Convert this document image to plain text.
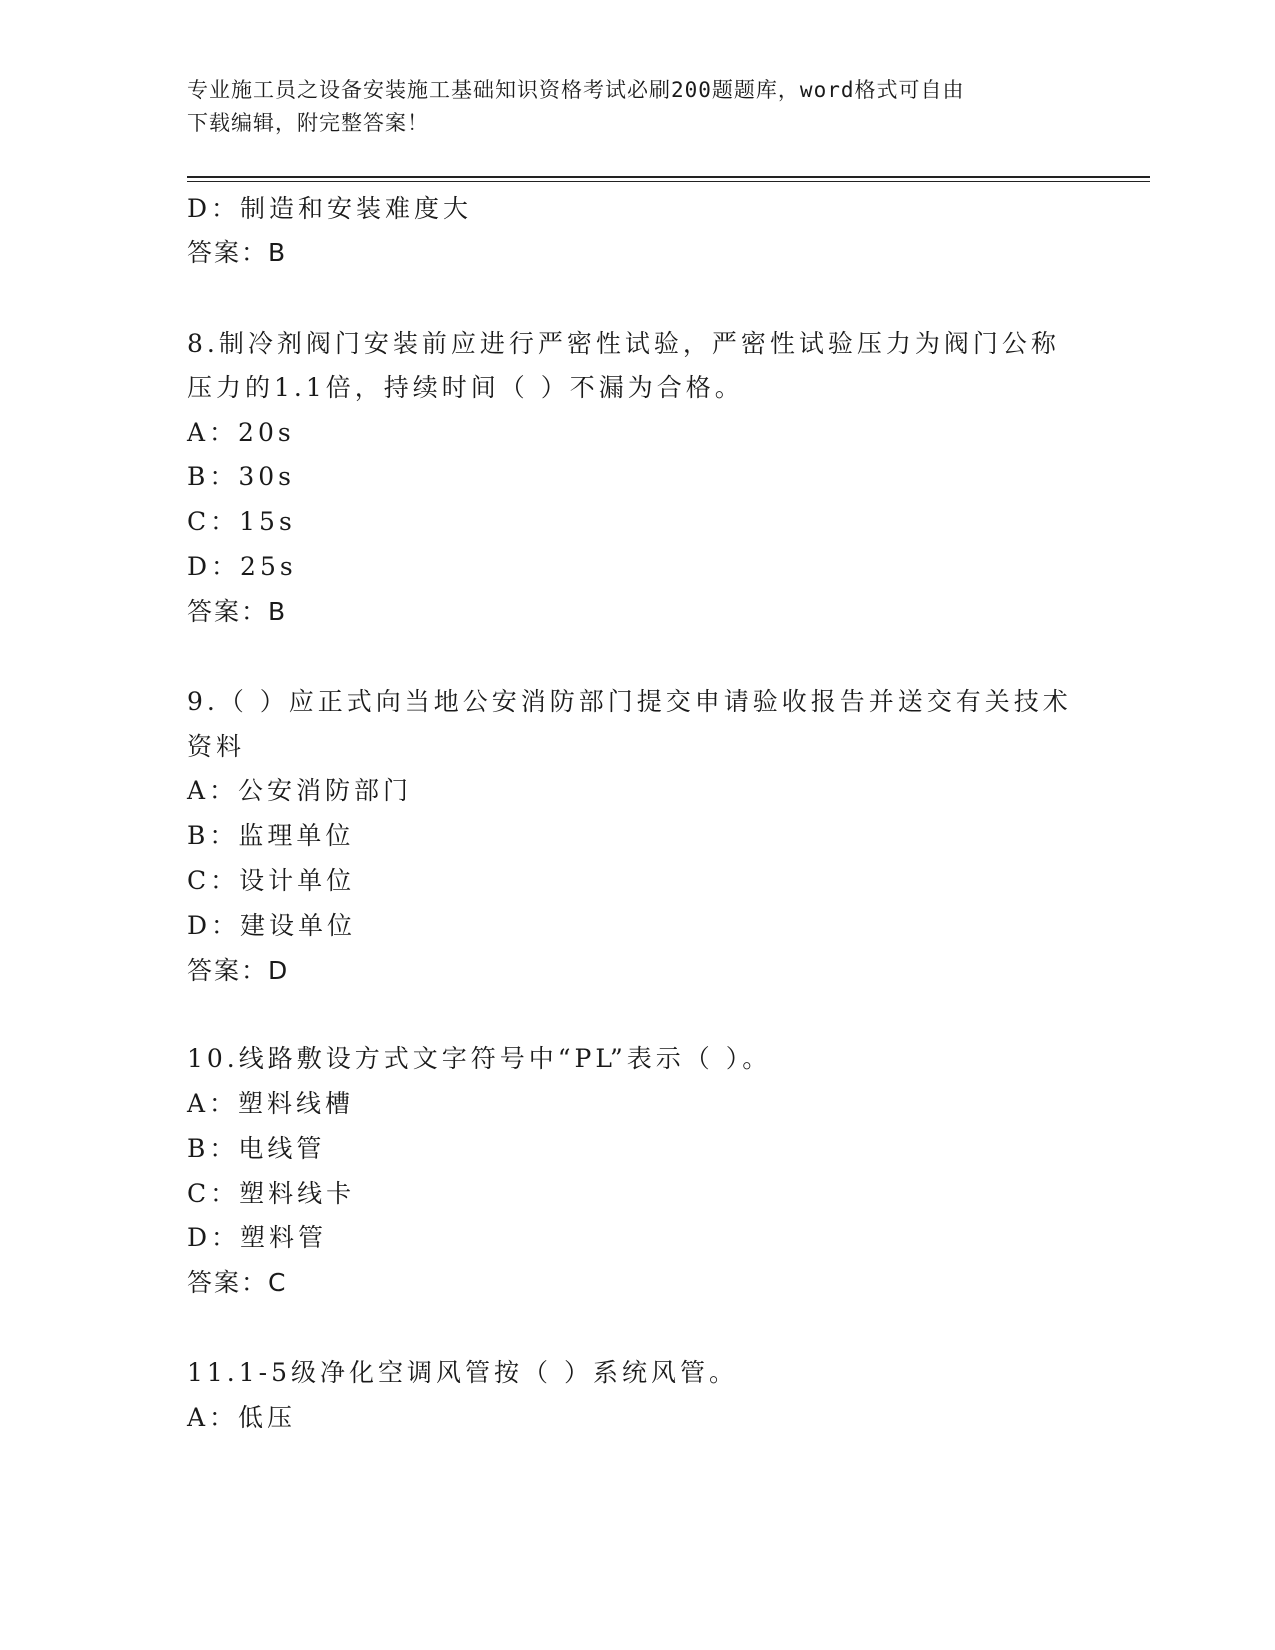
专业施工员之设备安装施工基础知识资格考试必刷200题题库，word格式可自由
下载编辑，附完整答案！
D：制造和安装难度大
答案：B
8.制冷剂阀门安装前应进行严密性试验，严密性试验压力为阀门公称
压力的1.1倍，持续时间（ ）不漏为合格。
A：20s
B：30s
C：15s
D：25s
答案：B
9.（ ）应正式向当地公安消防部门提交申请验收报告并送交有关技术
资料
A：公安消防部门
B：监理单位
C：设计单位
D：建设单位
答案：D
10.线路敷设方式文字符号中“PL”表示（ ）。
A：塑料线槽
B：电线管
C：塑料线卡
D：塑料管
答案：C
11.1-5级净化空调风管按（ ）系统风管。
A：低压
